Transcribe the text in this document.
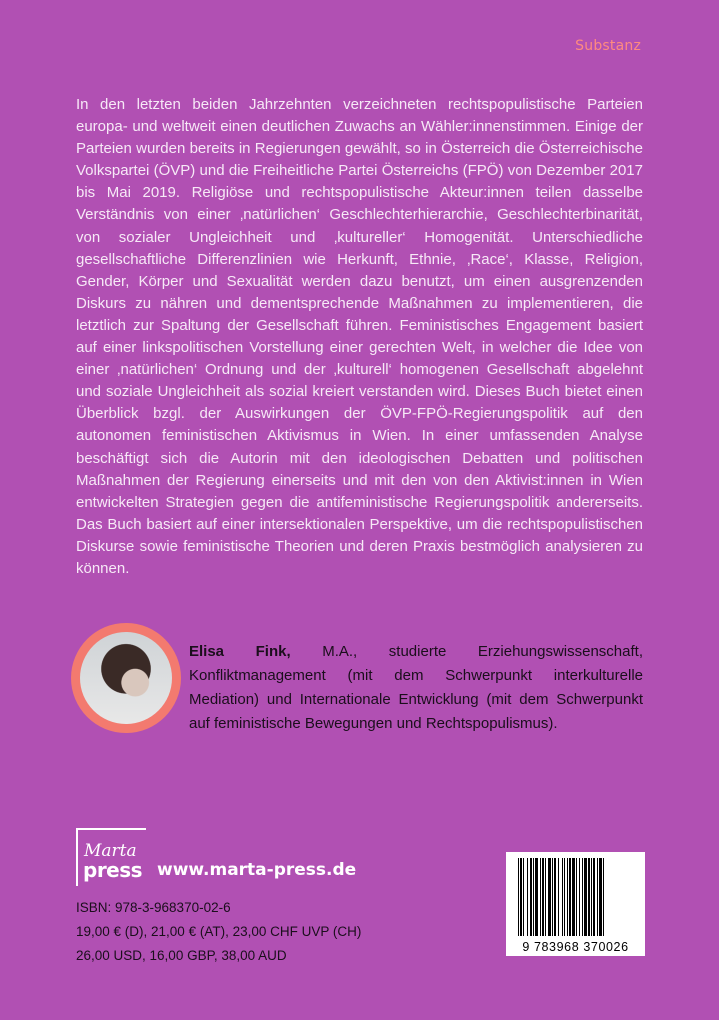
Substanz

In den letzten beiden Jahrzehnten verzeichneten rechtspopulistische Parteien europa- und weltweit einen deutlichen Zuwachs an Wähler:innenstimmen. Einige der Parteien wurden bereits in Regierungen gewählt, so in Österreich die Österreichische Volkspartei (ÖVP) und die Freiheitliche Partei Österreichs (FPÖ) von Dezember 2017 bis Mai 2019. Religiöse und rechtspopulistische Akteur:innen teilen dasselbe Verständnis von einer ‚natürlichen‘ Geschlechterhierarchie, Geschlechterbinarität, von sozialer Ungleichheit und ‚kultureller‘ Homogenität. Unterschiedliche gesellschaftliche Differenzlinien wie Herkunft, Ethnie, ‚Race‘, Klasse, Religion, Gender, Körper und Sexualität werden dazu benutzt, um einen ausgrenzenden Diskurs zu nähren und dementsprechende Maßnahmen zu implementieren, die letztlich zur Spaltung der Gesellschaft führen. Feministisches Engagement basiert auf einer linkspolitischen Vorstellung einer gerechten Welt, in welcher die Idee von einer ‚natürlichen‘ Ordnung und der ‚kulturell‘ homogenen Gesellschaft abgelehnt und soziale Ungleichheit als sozial kreiert verstanden wird. Dieses Buch bietet einen Überblick bzgl. der Auswirkungen der ÖVP-FPÖ-Regierungspolitik auf den autonomen feministischen Aktivismus in Wien. In einer umfassenden Analyse beschäftigt sich die Autorin mit den ideologischen Debatten und politischen Maßnahmen der Regierung einerseits und mit den von den Aktivist:innen in Wien entwickelten Strategien gegen die antifeministische Regierungspolitik andererseits. Das Buch basiert auf einer intersektionalen Perspektive, um die rechtspopulistischen Diskurse sowie feministische Theorien und deren Praxis bestmöglich analysieren zu können.

Elisa Fink, M.A., studierte Erziehungswissenschaft, Konfliktmanagement (mit dem Schwerpunkt interkulturelle Mediation) und Internationale Entwicklung (mit dem Schwerpunkt auf feministische Bewegungen und Rechtspopulismus).

Marta
press www.marta-press.de
ISBN: 978-3-968370-02-6
19,00 € (D), 21,00 € (AT), 23,00 CHF UVP (CH)
26,00 USD, 16,00 GBP, 38,00 AUD
9 783968 370026
